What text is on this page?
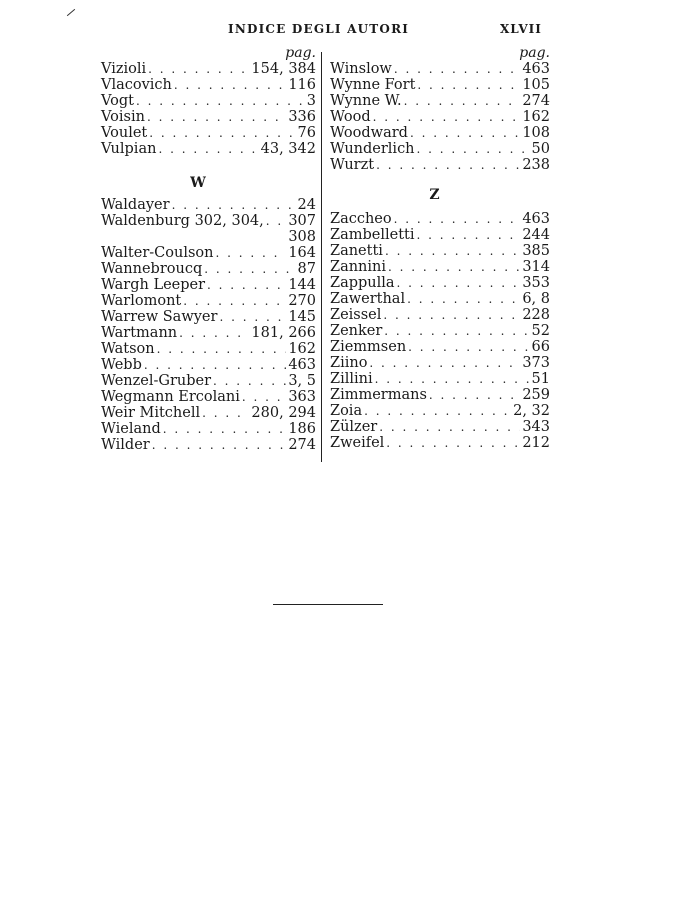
INDICE DEGLI AUTORI	XLVII
pag.
Vizioli . . .	154, 384
Vlacovich . . .	116
Vogt . . .	3
Voisin . . .	336
Voulet . . .	76
Vulpian . . .	43, 342
W
Waldayer . . .	24
Waldenburg 302, 304, . . . 307
308
Walter-Coulson . . .	164
Wannebroucq . . .	87
Wargh Leeper . . .	144
Warlomont . . .	270
Warrew Sawyer . . .	145
Wartmann . . .	181, 266
Watson . . .	162
Webb . . .	463
Wenzel-Gruber . . .	3, 5
Wegmann Ercolani . . .	363
Weir Mitchell . . .	280, 294
Wieland . . .	186
Wilder . . .	274
pag.
Winslow . . .	463
Wynne Fort . . .	105
Wynne W. . . .	274
Wood . . .	162
Woodward . . .	108
Wunderlich . . .	50
Wurzt . . .	238
Z
Zaccheo . . .	463
Zambelletti . . .	244
Zanetti . . .	385
Zannini . . .	314
Zappulla . . .	353
Zawerthal . . .	6, 8
Zeissel . . .	228
Zenker . . .	52
Ziemmsen . . .	66
Ziino . . .	373
Zillini . . .	51
Zimmermans . . .	259
Zoia . . .	2, 32
Zülzer . . .	343
Zweifel . . .	212
